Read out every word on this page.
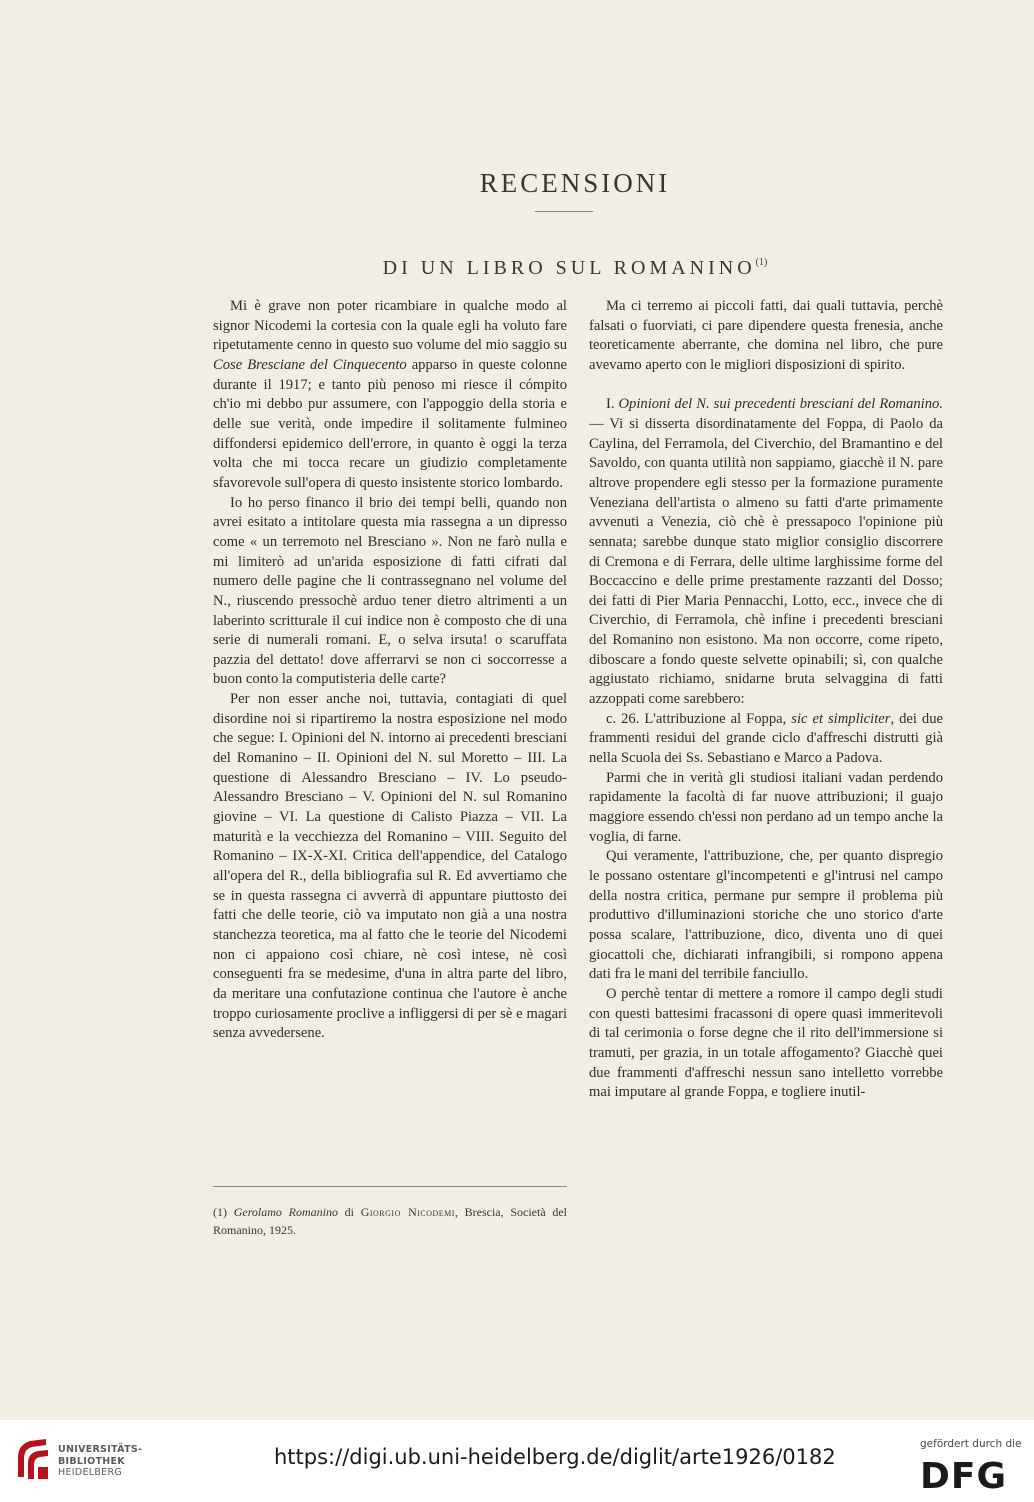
RECENSIONI
DI UN LIBRO SUL ROMANINO$^{(1)}$

Mi è grave non poter ricambiare in qualche modo al signor Nicodemi la cortesia con la quale egli ha voluto fare ripetutamente cenno in questo suo volume del mio saggio su Cose Bresciane del Cinquecento apparso in queste colonne durante il 1917; e tanto più penoso mi riesce il cómpito ch'io mi debbo pur assumere, con l'appoggio della storia e delle sue verità, onde impedire il solitamente fulmineo diffondersi epidemico dell'errore, in quanto è oggi la terza volta che mi tocca recare un giudizio completamente sfavorevole sull'opera di questo insistente storico lombardo.

Io ho perso financo il brio dei tempi belli, quando non avrei esitato a intitolare questa mia rassegna a un dipresso come « un terremoto nel Bresciano ». Non ne farò nulla e mi limiterò ad un'arida esposizione di fatti cifrati dal numero delle pagine che li contrassegnano nel volume del N., riuscendo pressochè arduo tener dietro altrimenti a un laberinto scritturale il cui indice non è composto che di una serie di numerali romani. E, o selva irsuta! o scaruffata pazzia del dettato! dove afferrarvi se non ci soccorresse a buon conto la computisteria delle carte?

Per non esser anche noi, tuttavia, contagiati di quel disordine noi si ripartiremo la nostra esposizione nel modo che segue: I. Opinioni del N. intorno ai precedenti bresciani del Romanino – II. Opinioni del N. sul Moretto – III. La questione di Alessandro Bresciano – IV. Lo pseudo-Alessandro Bresciano – V. Opinioni del N. sul Romanino giovine – VI. La questione di Calisto Piazza – VII. La maturità e la vecchiezza del Romanino – VIII. Seguito del Romanino – IX-X-XI. Critica dell'appendice, del Catalogo all'opera del R., della bibliografia sul R. Ed avvertiamo che se in questa rassegna ci avverrà di appuntare piuttosto dei fatti che delle teorie, ciò va imputato non già a una nostra stanchezza teoretica, ma al fatto che le teorie del Nicodemi non ci appaiono così chiare, nè così intese, nè così conseguenti fra se medesime, d'una in altra parte del libro, da meritare una confutazione continua che l'autore è anche troppo curiosamente proclive a infliggersi di per sè e magari senza avvedersene.

(1) Gerolamo Romanino di Giorgio Nicodemi, Brescia, Società del Romanino, 1925.

Ma ci terremo ai piccoli fatti, dai quali tuttavia, perchè falsati o fuorviati, ci pare dipendere questa frenesia, anche teoreticamente aberrante, che domina nel libro, che pure avevamo aperto con le migliori disposizioni di spirito.

I. Opinioni del N. sui precedenti bresciani del Romanino. — Vi si disserta disordinatamente del Foppa, di Paolo da Caylina, del Ferramola, del Civerchio, del Bramantino e del Savoldo, con quanta utilità non sappiamo, giacchè il N. pare altrove propendere egli stesso per la formazione puramente Veneziana dell'artista o almeno su fatti d'arte primamente avvenuti a Venezia, ciò chè è pressapoco l'opinione più sennata; sarebbe dunque stato miglior consiglio discorrere di Cremona e di Ferrara, delle ultime larghissime forme del Boccaccino e delle prime prestamente razzanti del Dosso; dei fatti di Pier Maria Pennacchi, Lotto, ecc., invece che di Civerchio, di Ferramola, chè infine i precedenti bresciani del Romanino non esistono. Ma non occorre, come ripeto, diboscare a fondo queste selvette opinabili; sì, con qualche aggiustato richiamo, snidarne bruta selvaggina di fatti azzoppati come sarebbero:

c. 26. L'attribuzione al Foppa, sic et simpliciter, dei due frammenti residui del grande ciclo d'affreschi distrutti già nella Scuola dei Ss. Sebastiano e Marco a Padova.

Parmi che in verità gli studiosi italiani vadan perdendo rapidamente la facoltà di far nuove attribuzioni; il guajo maggiore essendo ch'essi non perdano ad un tempo anche la voglia, di farne.

Qui veramente, l'attribuzione, che, per quanto dispregio le possano ostentare gl'incompetenti e gl'intrusi nel campo della nostra critica, permane pur sempre il problema più produttivo d'illuminazioni storiche che uno storico d'arte possa scalare, l'attribuzione, dico, diventa uno di quei giocattoli che, dichiarati infrangibili, si rompono appena dati fra le mani del terribile fanciullo.

O perchè tentar di mettere a romore il campo degli studi con questi battesimi fracassoni di opere quasi immeritevoli di tal cerimonia o forse degne che il rito dell'immersione si tramuti, per grazia, in un totale affogamento? Giacchè quei due frammenti d'affreschi nessun sano intelletto vorrebbe mai imputare al grande Foppa, e togliere inutil-

UNIVERSITÄTS-
BIBLIOTHEK
HEIDELBERG
https://digi.ub.uni-heidelberg.de/diglit/arte1926/0182
gefördert durch die
DFG
